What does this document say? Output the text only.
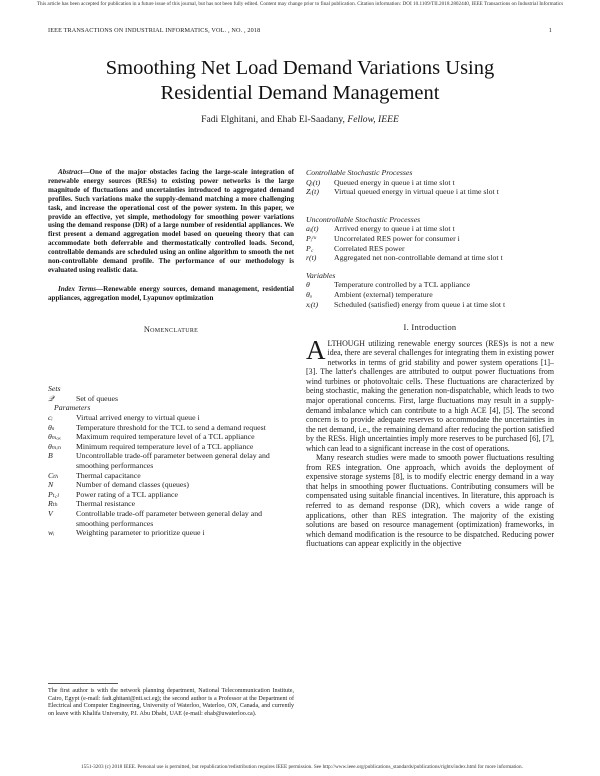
This article has been accepted for publication in a future issue of this journal, but has not been fully edited. Content may change prior to final publication. Citation information: DOI 10.1109/TII.2018.2802440, IEEE Transactions on Industrial Informatics
IEEE TRANSACTIONS ON INDUSTRIAL INFORMATICS, VOL. , NO. , 2018	1
Smoothing Net Load Demand Variations Using
Residential Demand Management
Fadi Elghitani, and Ehab El-Saadany, Fellow, IEEE

Abstract—One of the major obstacles facing the large-scale integration of renewable energy sources (RESs) to existing power networks is the large magnitude of fluctuations and uncertainties introduced to aggregated demand profiles. Such variations make the supply-demand matching a more challenging task, and increase the operational cost of the power system. In this paper, we provide an effective, yet simple, methodology for smoothing power variations using the demand response (DR) of a large number of residential appliances. We first present a demand aggregation model based on queueing theory that can accommodate both deferrable and thermostatically controlled loads. Second, controllable demands are scheduled using an online algorithm to smooth the net non-controllable demand profile. The performance of our methodology is evaluated using realistic data.

Index Terms—Renewable energy sources, demand management, residential appliances, aggregation model, Lyapunov optimization

Nomenclature

Sets

𝒬	Set of queues

Parameters

cᵢ	Virtual arrived energy to virtual queue i
θₛ	Temperature threshold for the TCL to send a demand request
θₘₐₓ	Maximum required temperature level of a TCL appliance
θₘᵢₙ	Minimum required temperature level of a TCL appliance
B	Uncontrollable trade-off parameter between general delay and smoothing performances
Cₜₕ	Thermal capacitance
N	Number of demand classes (queues)
Pₜ꜀ₗ	Power rating of a TCL appliance
Rₜₕ	Thermal resistance
V	Controllable trade-off parameter between general delay and smoothing performances
wᵢ	Weighting parameter to prioritize queue i

Controllable Stochastic Processes

Qᵢ(t)	Queued energy in queue i at time slot t
Zᵢ(t)	Virtual queued energy in virtual queue i at time slot t

Uncontrollable Stochastic Processes

aᵢ(t)	Arrived energy to queue i at time slot t
Pᵢʳᵘ	Uncorrelated RES power for consumer i
P꜀	Correlated RES power
r(t)	Aggregated net non-controllable demand at time slot t

Variables

θ	Temperature controlled by a TCL appliance
θₐ	Ambient (external) temperature
xᵢ(t)	Scheduled (satisfied) energy from queue i at time slot t

I. Introduction

ALTHOUGH utilizing renewable energy sources (RES)s is not a new idea, there are several challenges for integrating them in existing power networks in terms of grid stability and power system operations [1]–[3]. The latter's challenges are attributed to output power fluctuations from wind turbines or photovoltaic cells. These fluctuations are characterized by being stochastic, making the generation non-dispatchable, which leads to two major operational concerns. First, large fluctuations may result in a supply-demand imbalance which can contribute to a high ACE [4], [5]. The second concern is to provide adequate reserves to accommodate the uncertainties in the net demand, i.e., the remaining demand after reducing the portion satisfied by the RESs. High uncertainties imply more reserves to be purchased [6], [7], which can lead to a significant increase in the cost of operations.

Many research studies were made to smooth power fluctuations resulting from RES integration. One approach, which avoids the deployment of expensive storage systems [8], is to modify electric energy demand in a way that helps in smoothing power fluctuations. Contributing consumers will be compensated using suitable financial incentives. In literature, this approach is referred to as demand response (DR), which covers a wide range of applications, other than RES integration. The majority of the existing solutions are based on resource management (optimization) frameworks, in which demand modification is the resource to be dispatched. Reducing power fluctuations can appear explicitly in the objective

The first author is with the network planning department, National Telecommunication Institute, Cairo, Egypt (e-mail: fadi.ghitani@nti.sci.eg); the second author is a Professor at the Department of Electrical and Computer Engineering, University of Waterloo, Waterloo, ON, Canada, and currently on leave with Khalifa University, P.I. Abu Dhabi, UAE (e-mail: ehab@uwaterloo.ca).
1551-3203 (c) 2018 IEEE. Personal use is permitted, but republication/redistribution requires IEEE permission. See http://www.ieee.org/publications_standards/publications/rights/index.html for more information.
